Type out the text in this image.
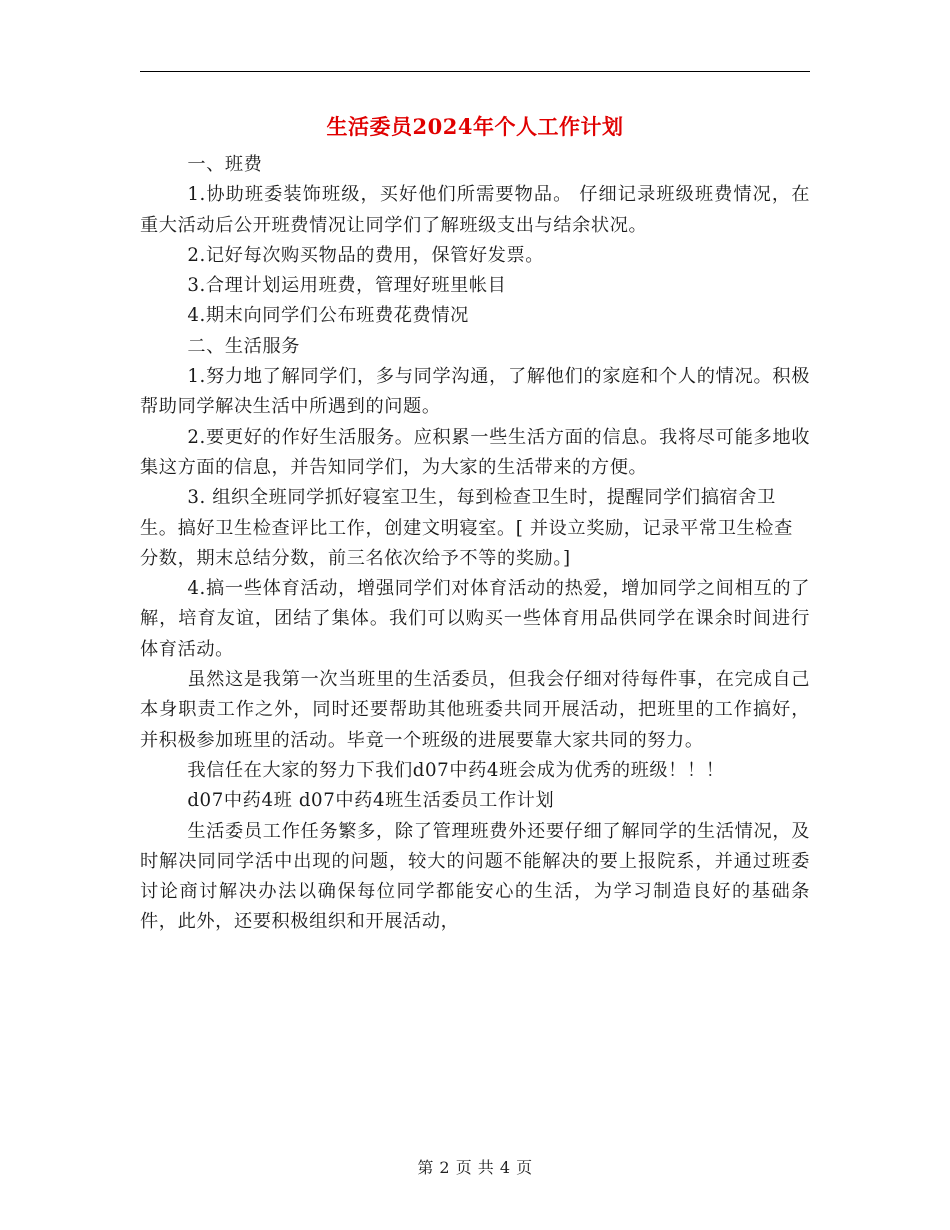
生活委员2024年个人工作计划

一、班费

1.协助班委装饰班级，买好他们所需要物品。 仔细记录班级班费情况，在重大活动后公开班费情况让同学们了解班级支出与结余状况。

2.记好每次购买物品的费用，保管好发票。

3.合理计划运用班费，管理好班里帐目

4.期末向同学们公布班费花费情况

二、生活服务

1.努力地了解同学们，多与同学沟通，了解他们的家庭和个人的情况。积极帮助同学解决生活中所遇到的问题。

2.要更好的作好生活服务。应积累一些生活方面的信息。我将尽可能多地收集这方面的信息，并告知同学们，为大家的生活带来的方便。

3. 组织全班同学抓好寝室卫生，每到检查卫生时，提醒同学们搞宿舍卫生。搞好卫生检查评比工作，创建文明寝室。[ 并设立奖励，记录平常卫生检查分数，期末总结分数，前三名依次给予不等的奖励。]

4.搞一些体育活动，增强同学们对体育活动的热爱，增加同学之间相互的了解，培育友谊，团结了集体。我们可以购买一些体育用品供同学在课余时间进行体育活动。

虽然这是我第一次当班里的生活委员，但我会仔细对待每件事，在完成自己本身职责工作之外，同时还要帮助其他班委共同开展活动，把班里的工作搞好，并积极参加班里的活动。毕竟一个班级的进展要靠大家共同的努力。

我信任在大家的努力下我们d07中药4班会成为优秀的班级！！！

d07中药4班 d07中药4班生活委员工作计划

生活委员工作任务繁多，除了管理班费外还要仔细了解同学的生活情况，及时解决同同学活中出现的问题，较大的问题不能解决的要上报院系，并通过班委讨论商讨解决办法以确保每位同学都能安心的生活，为学习制造良好的基础条件，此外，还要积极组织和开展活动，

第 2 页 共 4 页
